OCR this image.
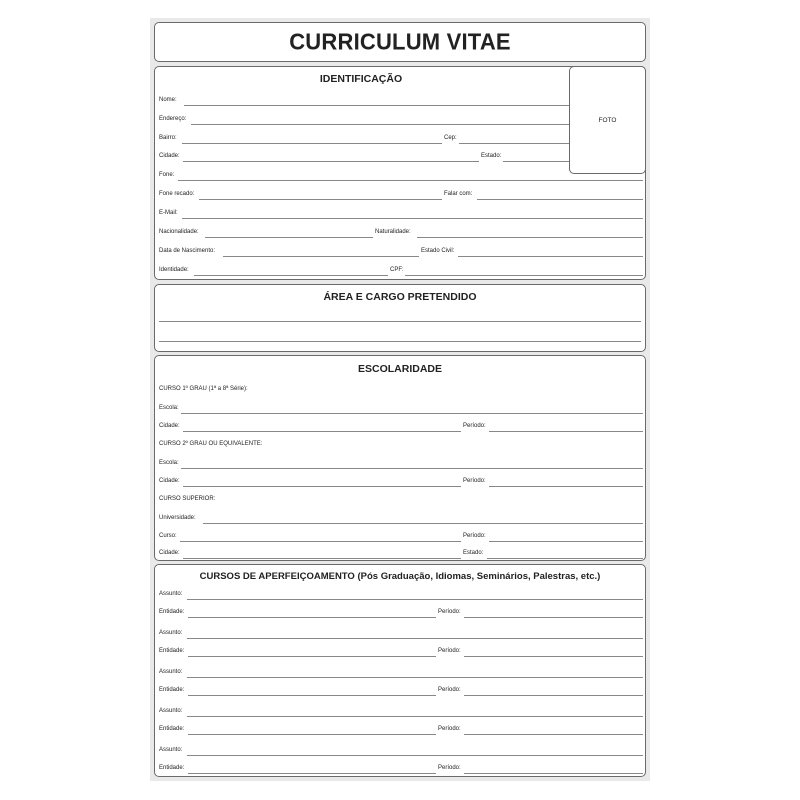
CURRICULUM VITAE
IDENTIFICAÇÃO
Nome:
Endereço:
Bairro:	Cep:
Cidade:	Estado:
Fone:
Fone recado:	Falar com:
E-Mail:
Nacionalidade:	Naturalidade:
Data de Nascimento:	Estado Civil:
Identidade:	CPF:
FOTO
ÁREA E CARGO PRETENDIDO
ESCOLARIDADE
CURSO 1º GRAU (1ª a 8ª Série):
Escola:
Cidade:	Período:
CURSO 2º GRAU OU EQUIVALENTE:
Escola:
Cidade:	Período:
CURSO SUPERIOR:
Universidade:
Curso:	Período:
Cidade:	Estado:
CURSOS DE APERFEIÇOAMENTO (Pós Graduação, Idiomas, Seminários, Palestras, etc.)
Assunto:
Entidade:	Período:
Assunto:
Entidade:	Período:
Assunto:
Entidade:	Período:
Assunto:
Entidade:	Período:
Assunto:
Entidade:	Período:
